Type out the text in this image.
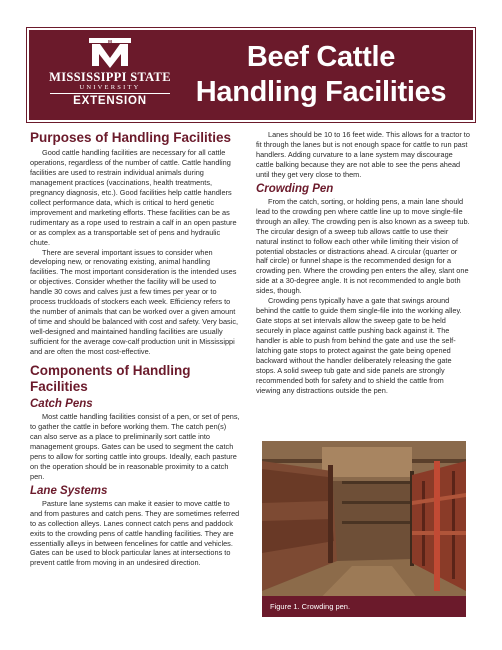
M
MISSISSIPPI STATE
UNIVERSITY
EXTENSION
Beef Cattle
Handling Facilities
Purposes of Handling Facilities

Good cattle handling facilities are necessary for all cattle operations, regardless of the number of cattle. Cattle handling facilities are used to restrain individual animals during management practices (vaccinations, health treatments, pregnancy diagnosis, etc.). Good facilities help cattle handlers collect performance data, which is critical to herd genetic improvement and marketing efforts. These facilities can be as rudimentary as a rope used to restrain a calf in an open pasture or as complex as a transportable set of pens and hydraulic chute.

There are several important issues to consider when developing new, or renovating existing, animal handling facilities. The most important consideration is the intended uses or objectives. Consider whether the facility will be used to handle 30 cows and calves just a few times per year or to process truckloads of stockers each week. Efficiency refers to the number of animals that can be worked over a given amount of time and should be balanced with cost and safety. Very basic, well-designed and maintained handling facilities are usually sufficient for the average cow-calf production unit in Mississippi and are often the most cost-effective.

Components of Handling Facilities
Catch Pens

Most cattle handling facilities consist of a pen, or set of pens, to gather the cattle in before working them. The catch pen(s) can also serve as a place to preliminarily sort cattle into management groups. Gates can be used to segment the catch pens to allow for sorting cattle into groups. Ideally, each pasture on the operation should be in reasonable proximity to a catch pen.

Lane Systems

Pasture lane systems can make it easier to move cattle to and from pastures and catch pens. They are sometimes referred to as collection alleys. Lanes connect catch pens and paddock exits to the crowding pens of cattle handling facilities. They are essentially alleys in between fencelines for cattle and vehicles. Gates can be used to block particular lanes at intersections to prevent cattle from moving in an undesired direction.

Lanes should be 10 to 16 feet wide. This allows for a tractor to fit through the lanes but is not enough space for cattle to run past handlers. Adding curvature to a lane system may discourage cattle balking because they are not able to see the pens ahead until they get very close to them.

Crowding Pen

From the catch, sorting, or holding pens, a main lane should lead to the crowding pen where cattle line up to move single-file through an alley. The crowding pen is also known as a sweep tub. The circular design of a sweep tub allows cattle to use their natural instinct to follow each other while limiting their vision of potential obstacles or distractions ahead. A circular (quarter or half circle) or funnel shape is the recommended design for a crowding pen. Where the crowding pen enters the alley, slant one side at a 30-degree angle. It is not recommended to angle both sides, though.

Crowding pens typically have a gate that swings around behind the cattle to guide them single-file into the working alley. Gate stops at set intervals allow the sweep gate to be held securely in place against cattle pushing back against it. The handler is able to push from behind the gate and use the self-latching gate stops to protect against the gate being opened backward without the handler deliberately releasing the gate stops. A solid sweep tub gate and side panels are strongly recommended both for safety and to shield the cattle from viewing any distractions outside the pen.

Figure 1. Crowding pen.
